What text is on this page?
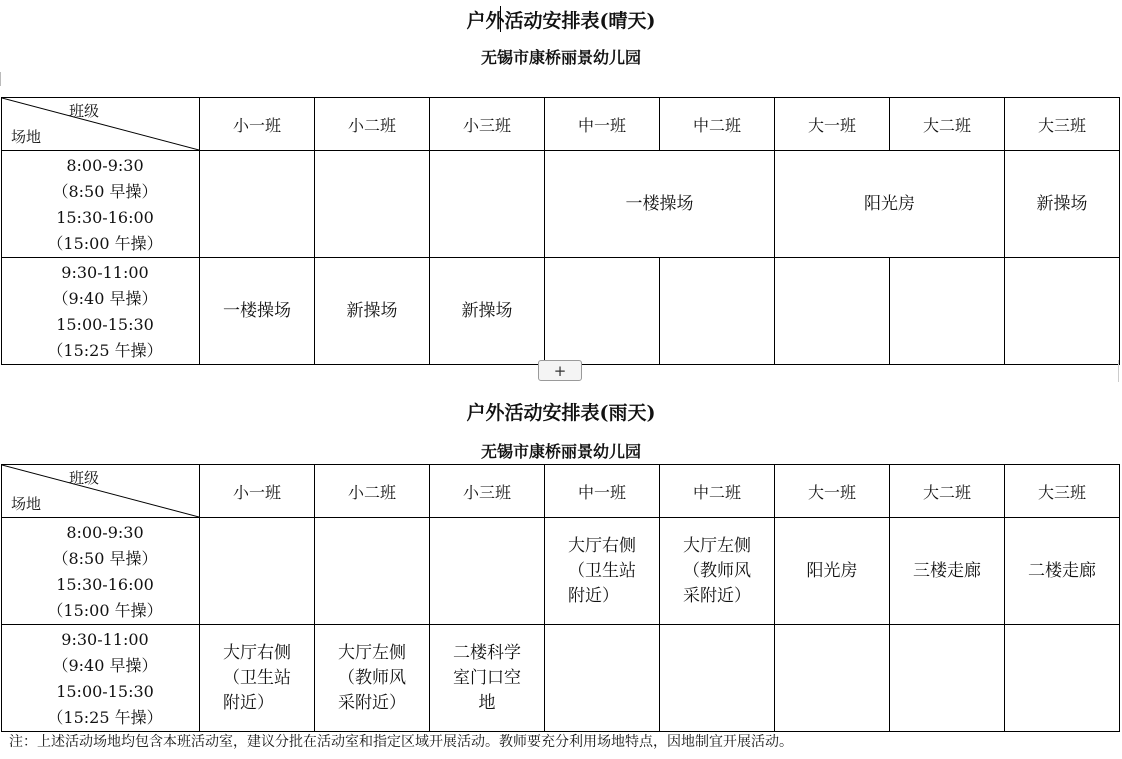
户外活动安排表(晴天)
无锡市康桥丽景幼儿园
班级
场地	小一班	小二班	小三班	中一班	中二班	大一班	大二班	大三班

8:00-9:30
（8:50 早操）
15:30-16:00
（15:00 午操）				一楼操场		阳光房		新操场

9:30-11:00
（9:40 早操）
15:00-15:30
（15:25 午操）	一楼操场	新操场	新操场					
+
户外活动安排表(雨天)
无锡市康桥丽景幼儿园
班级
场地	小一班	小二班	小三班	中一班	中二班	大一班	大二班	大三班

8:00-9:30
（8:50 早操）
15:30-16:00
（15:00 午操）				大厅右侧
（卫生站
附近）	大厅左侧
（教师风
采附近）	阳光房	三楼走廊	二楼走廊

9:30-11:00
（9:40 早操）
15:00-15:30
（15:25 午操）	大厅右侧
（卫生站
附近）	大厅左侧
（教师风
采附近）	二楼科学
室门口空
地					

注：上述活动场地均包含本班活动室，建议分批在活动室和指定区域开展活动。教师要充分利用场地特点，因地制宜开展活动。
